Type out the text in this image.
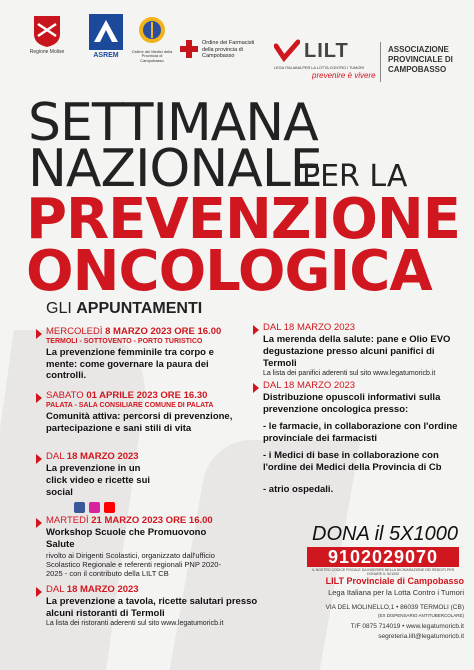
Regione Molise	ASREM
Ordine dei Medici della Provincia di Campobasso
Ordine dei Farmacisti della provincia di Campobasso	LILT
LEGA ITALIANA PER LA LOTTA CONTRO I TUMORI
prevenire è vivere
ASSOCIAZIONE PROVINCIALE DI CAMPOBASSO
SETTIMANA
NAZIONALE
PER LA
PREVENZIONE
ONCOLOGICA
GLI APPUNTAMENTI
MERCOLEDÌ 8 MARZO 2023 ORE 16.00
TERMOLI - SOTTOVENTO - PORTO TURISTICO
La prevenzione femminile tra corpo e mente: come governare la paura dei controlli.
SABATO 01 APRILE 2023 ORE 16.30
PALATA - SALA CONSILIARE COMUNE DI PALATA
Comunità attiva: percorsi di prevenzione, partecipazione e sani stili di vita
DAL 18 MARZO 2023
La prevenzione in un click video e ricette sui social
MARTEDÌ 21 MARZO 2023 ORE 16.00
Workshop Scuole che Promuovono Salute
rivolto ai Dirigenti Scolastici, organizzato dall'ufficio Scolastico Regionale e referenti regionali PNP 2020-2025 - con il contributo della LILT CB
DAL 18 MARZO 2023
La prevenzione a tavola, ricette salutari presso alcuni ristoranti di Termoli
La lista dei ristoranti aderenti sul sito www.legatumoricb.it
DAL 18 MARZO 2023
La merenda della salute: pane e Olio EVO degustazione presso alcuni panifici di Termoli
La lista dei panifici aderenti sul sito www.legatumoricb.it
DAL 18 MARZO 2023
Distribuzione opuscoli informativi sulla prevenzione oncologica presso:
- le farmacie, in collaborazione con l'ordine provinciale dei farmacisti
- i Medici di base in collaborazione con l'ordine dei Medici della Provincia di Cb
- atrio ospedali.
DONA il 5X1000
9102029070
IL NOSTRO CODICE FISCALE DA INSERIRE NELLA DICHIARAZIONE DEI REDDITI PER DONARE IL 5X1000
LILT Provinciale di Campobasso
Lega Italiana per la Lotta Contro i Tumori
VIA DEL MOLINELLO,1 • 86039 TERMOLI (CB)
(EX DISPENSARIO ANTITUBERCOLARE)
T/F 0875 714019 • www.legatumoricb.it
segreteria.lilt@legatumoricb.it
